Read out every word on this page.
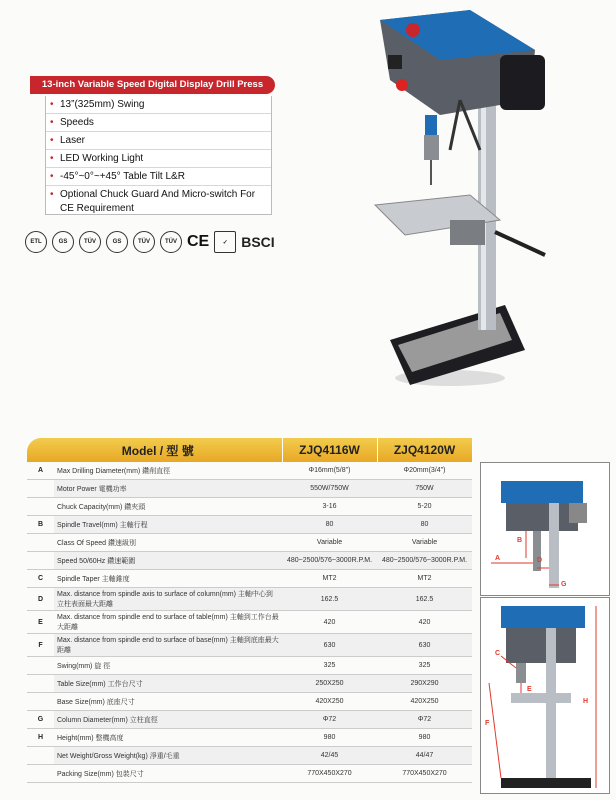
13-inch Variable Speed Digital Display Drill Press
• 13”(325mm) Swing
• Speeds
• Laser
• LED Working Light
• -45°~0°~+45° Table Tilt L&R
• Optional Chuck Guard And Micro-switch For CE Requirement
ETL	GS	TÜV	GS	TÜV	TÜV CE	✓ BSCI
Model / 型 號		ZJQ4116W	ZJQ4120W
A	Max Drilling Diameter(mm) 鑽削直徑	Φ16mm(5/8")	Φ20mm(3/4")
	Motor Power 電機功率	550W/750W	750W
	Chuck Capacity(mm) 鑽夾頭	3-16	5-20
B	Spindle Travel(mm) 主軸行程	80	80
	Class Of Speed 鑽速級別	Variable	Variable
	Speed 50/60Hz 鑽速範圍	480~2500/576~3000R.P.M.	480~2500/576~3000R.P.M.
C	Spindle Taper 主軸錐度	MT2	MT2
D	Max. distance from spindle axis to surface of column(mm) 主軸中心到立柱表面最大距離	162.5	162.5
E	Max. distance from spindle end to surface of table(mm) 主軸到工作台最大距離	420	420
F	Max. distance from spindle end to surface of base(mm) 主軸到底座最大距離	630	630
	Swing(mm) 旋 徑	325	325
	Table Size(mm) 工作台尺寸	250X250	290X290
	Base Size(mm) 底座尺寸	420X250	420X250
G	Column Diameter(mm) 立柱直徑	Φ72	Φ72
H	Height(mm) 整機高度	980	980
	Net Weight/Gross Weight(kg) 淨重/毛重	42/45	44/47
	Packing Size(mm) 包裝尺寸	770X450X270	770X450X270
B
A	D
G
C
E
H
F
